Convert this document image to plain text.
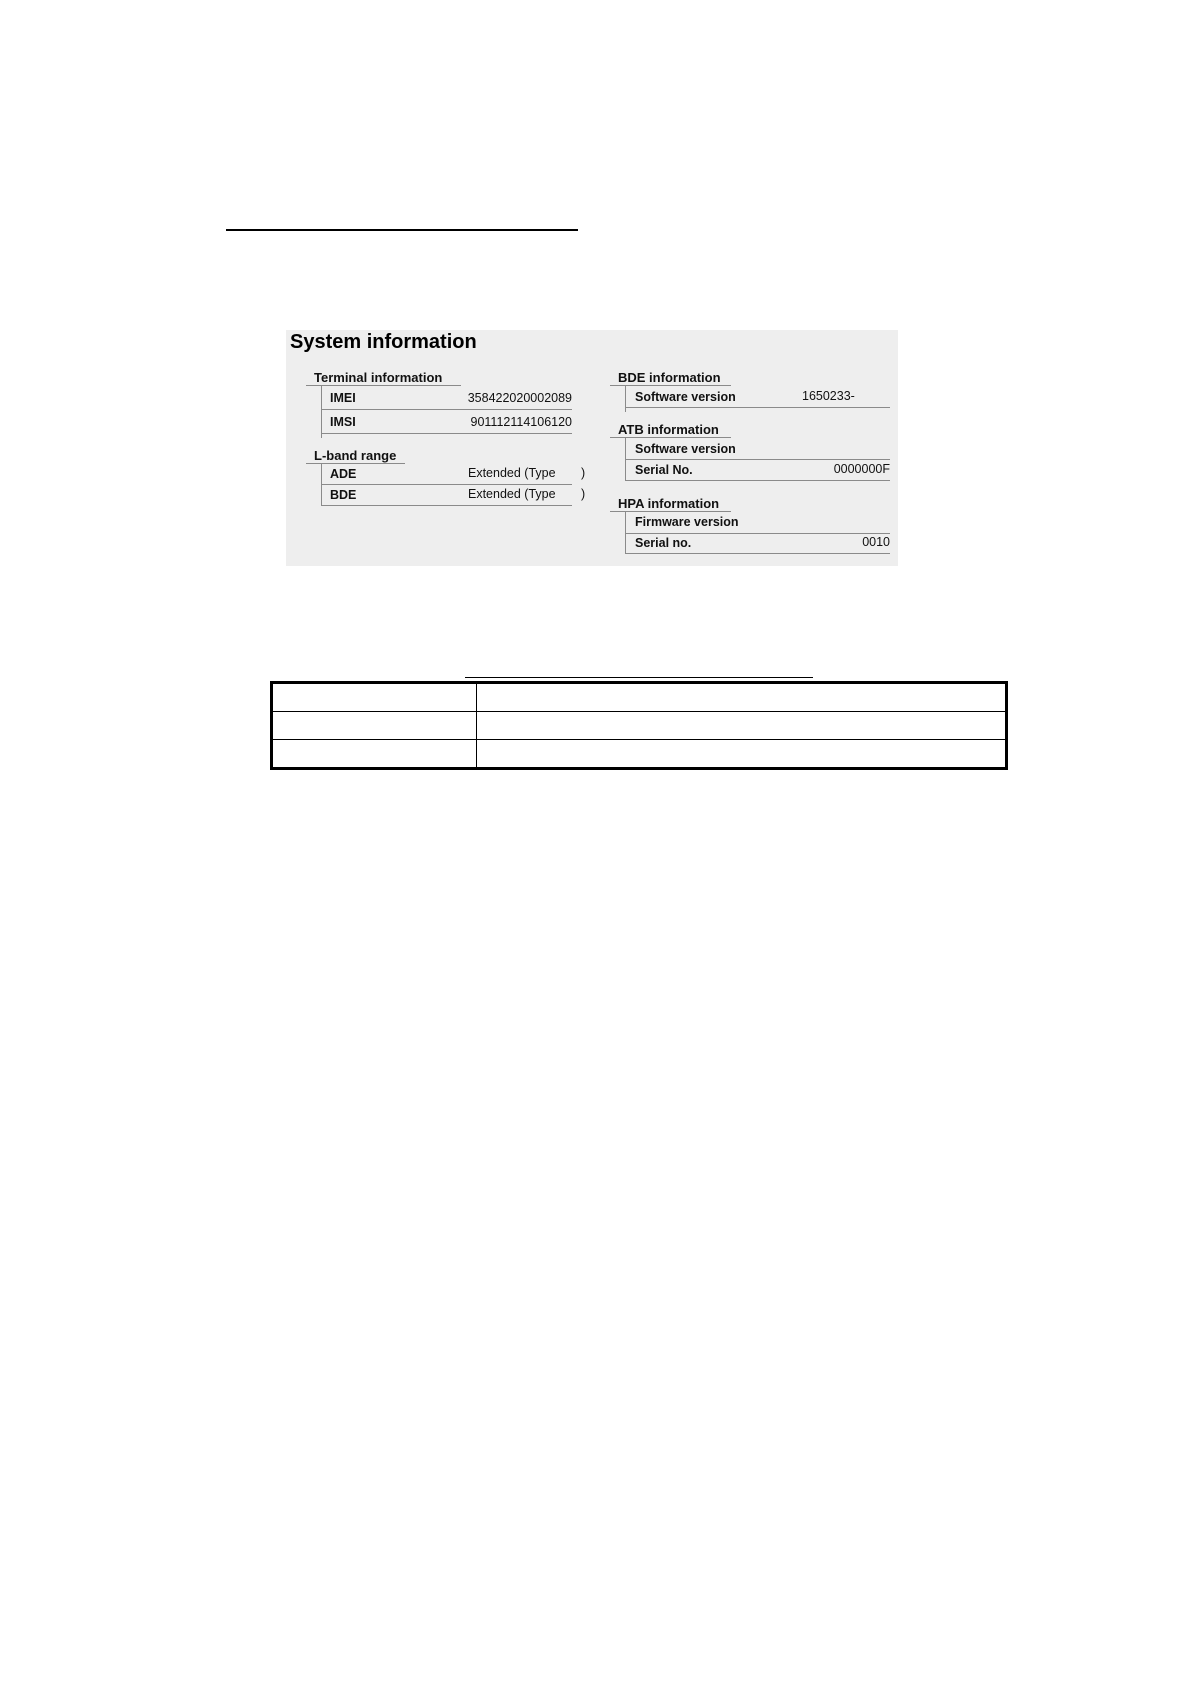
System information
Terminal information
IMEI	358422020002089
IMSI	901112114106120
L-band range
ADE	Extended (Type )
BDE	Extended (Type )
BDE information
Software version	1650233-
ATB information
Software version
Serial No.	0000000F
HPA information
Firmware version
Serial no.	0010
